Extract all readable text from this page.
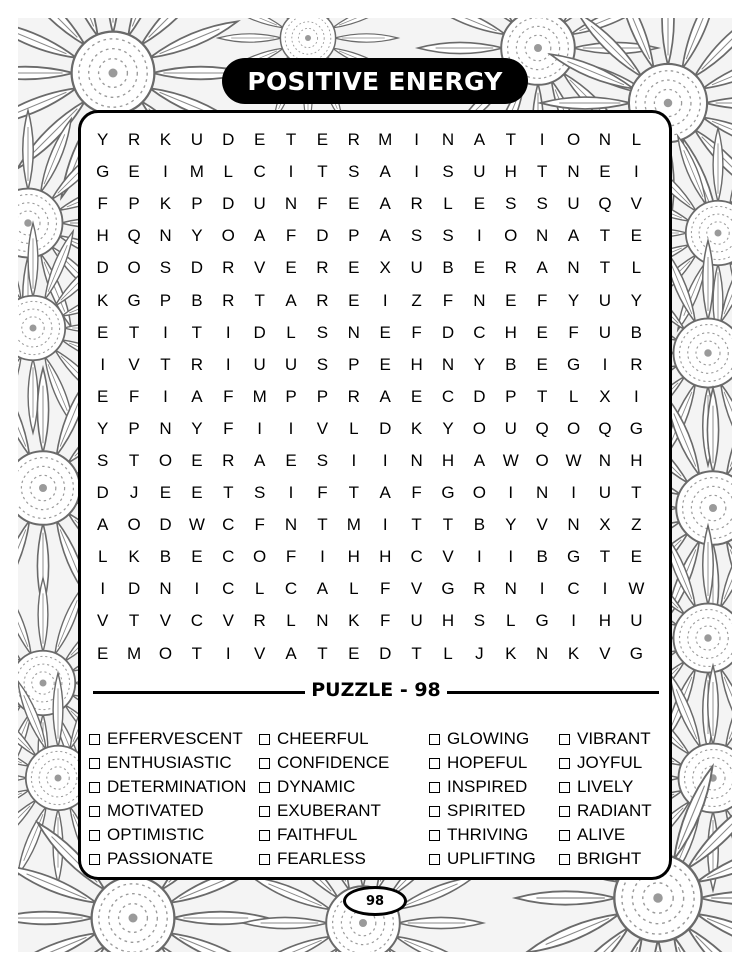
POSITIVE ENERGY
Y	R	K	U	D	E	T	E	R	M	I	N	A	T	I	O	N	L
G	E	I	M	L	C	I	T	S	A	I	S	U	H	T	N	E	I
F	P	K	P	D	U	N	F	E	A	R	L	E	S	S	U	Q	V
H	Q	N	Y	O	A	F	D	P	A	S	S	I	O	N	A	T	E
D	O	S	D	R	V	E	R	E	X	U	B	E	R	A	N	T	L
K	G	P	B	R	T	A	R	E	I	Z	F	N	E	F	Y	U	Y
E	T	I	T	I	D	L	S	N	E	F	D	C	H	E	F	U	B
I	V	T	R	I	U	U	S	P	E	H	N	Y	B	E	G	I	R
E	F	I	A	F	M	P	P	R	A	E	C	D	P	T	L	X	I
Y	P	N	Y	F	I	I	V	L	D	K	Y	O	U	Q	O	Q	G
S	T	O	E	R	A	E	S	I	I	N	H	A	W O W	N	H
D	J	E	E	T	S	I	F	T	A	F	G	O	I	N	I	U	T
A	O	D	W	C	F	N	T	M	I	T	T	B	Y	V	N	X	Z
L	K	B	E	C	O	F	I	H	H	C	V	I	I	B	G	T	E
I	D	N	I	C	L	C	A	L	F	V	G	R	N	I	C	I	W
V	T	V	C	V	R	L	N	K	F	U	H	S	L	G	I	H	U
E	M	O	T	I	V	A	T	E	D	T	L	J	K	N	K	V	G
PUZZLE - 98
EFFERVESCENT
ENTHUSIASTIC
DETERMINATION
MOTIVATED
OPTIMISTIC
PASSIONATE
CHEERFUL
CONFIDENCE
DYNAMIC
EXUBERANT
FAITHFUL
FEARLESS
GLOWING
HOPEFUL
INSPIRED
SPIRITED
THRIVING
UPLIFTING
VIBRANT
JOYFUL
LIVELY
RADIANT
ALIVE
BRIGHT
98
